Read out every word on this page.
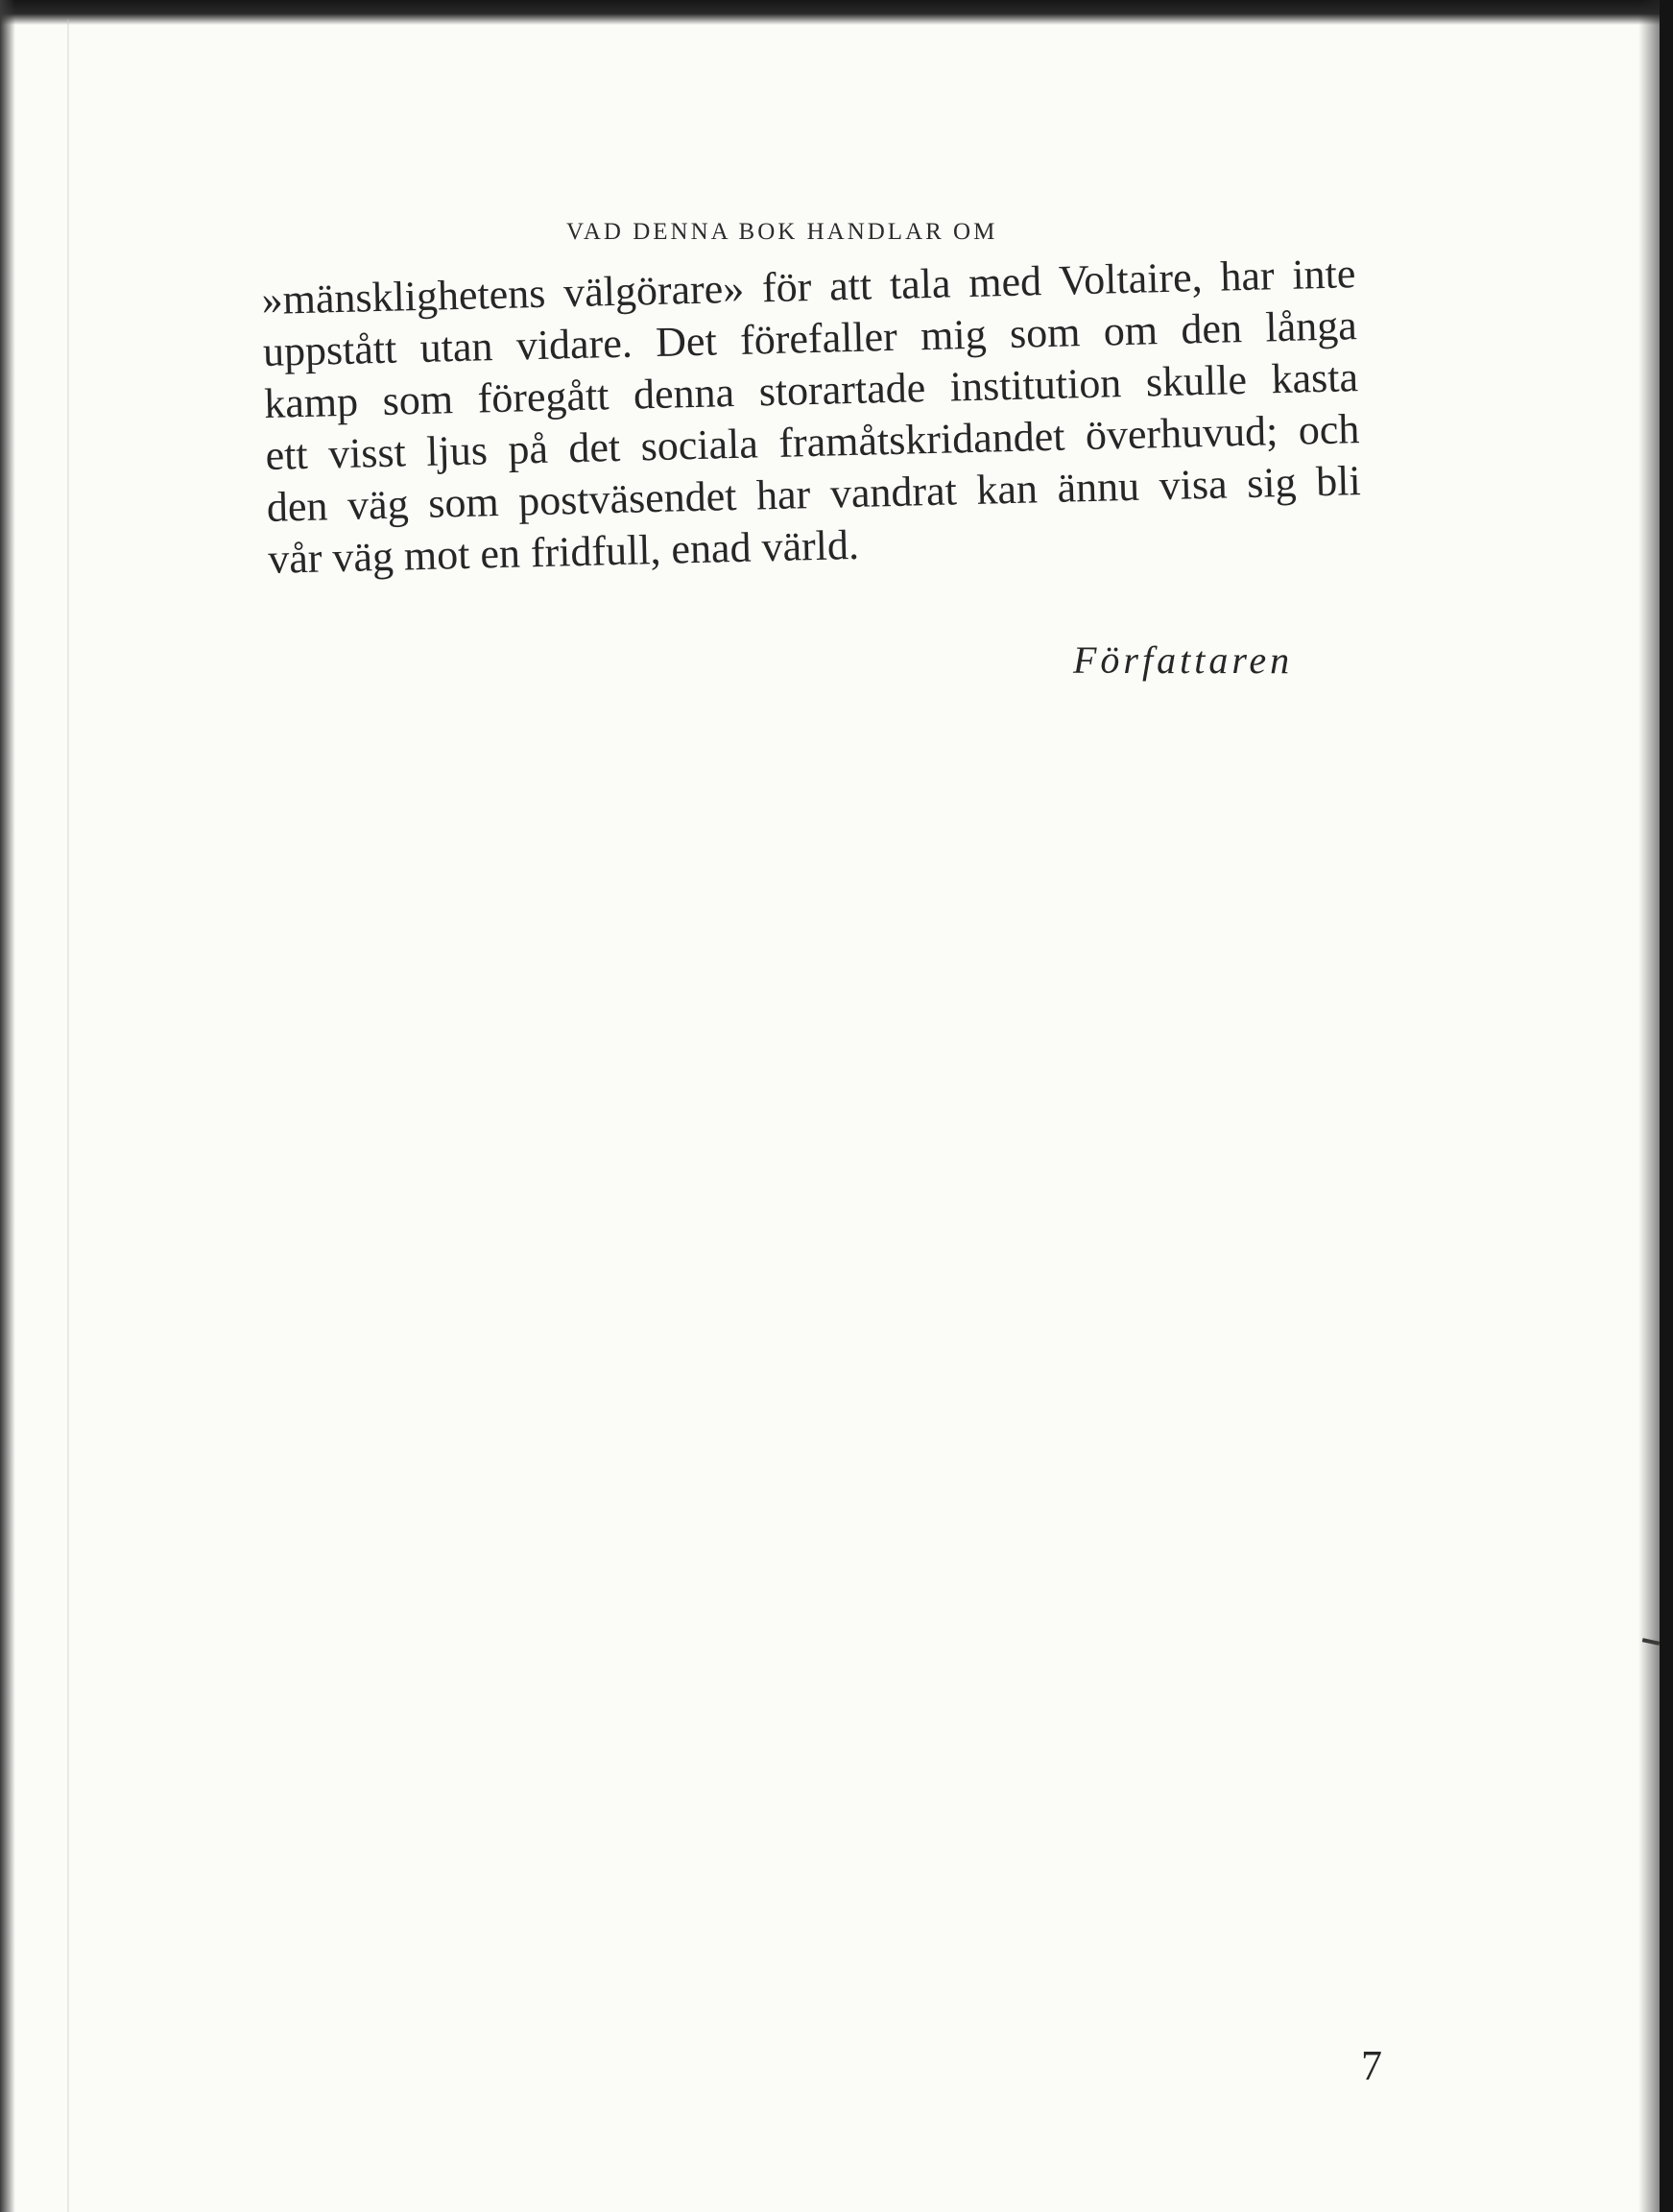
VAD DENNA BOK HANDLAR OM
»mänsklighetens välgörare» för att tala med Voltaire, har inte
uppstått utan vidare. Det förefaller mig som om den långa
kamp som föregått denna storartade institution skulle kasta
ett visst ljus på det sociala framåtskridandet överhuvud; och
den väg som postväsendet har vandrat kan ännu visa sig bli
vår väg mot en fridfull, enad värld.
Författaren
7
